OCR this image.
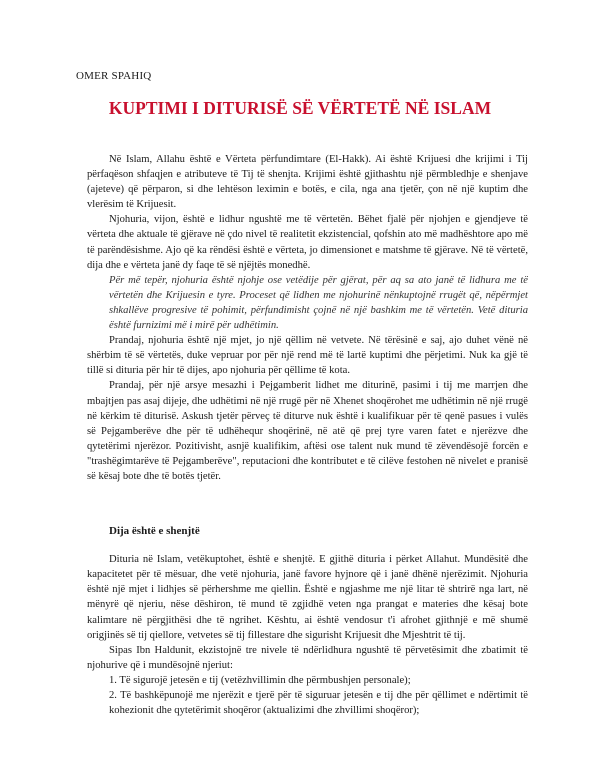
OMER SPAHIQ
KUPTIMI I DITURISË SË VËRTETË NË ISLAM

Në Islam, Allahu është e Vërteta përfundimtare (El-Hakk). Ai është Krijuesi dhe krijimi i Tij përfaqëson shfaqjen e atributeve të Tij të shenjta. Krijimi është gjithashtu një përmbledhje e shenjave (ajeteve) që përparon, si dhe lehtëson leximin e botës, e cila, nga ana tjetër, çon në një kuptim dhe vlerësim të Krijuesit.

Njohuria, vijon, është e lidhur ngushtë me të vërtetën. Bëhet fjalë për njohjen e gjendjeve të vërteta dhe aktuale të gjërave në çdo nivel të realitetit ekzistencial, qofshin ato më madhështore apo më të parëndësishme. Ajo që ka rëndësi është e vërteta, jo dimensionet e matshme të gjërave. Në të vërtetë, dija dhe e vërteta janë dy faqe të së njëjtës monedhë.

Për më tepër, njohuria është njohje ose vetëdije për gjërat, për aq sa ato janë të lidhura me të vërtetën dhe Krijuesin e tyre. Proceset që lidhen me njohurinë nënkuptojnë rrugët që, nëpërmjet shkallëve progresive të pohimit, përfundimisht çojnë në një bashkim me të vërtetën. Vetë dituria është furnizimi më i mirë për udhëtimin.

Prandaj, njohuria është një mjet, jo një qëllim në vetvete. Në tërësinë e saj, ajo duhet vënë në shërbim të së vërtetës, duke vepruar por për një rend më të lartë kuptimi dhe përjetimi. Nuk ka gjë të tillë si dituria për hir të dijes, apo njohuria për qëllime të kota.

Prandaj, për një arsye mesazhi i Pejgamberit lidhet me diturinë, pasimi i tij me marrjen dhe mbajtjen pas asaj dijeje, dhe udhëtimi në një rrugë për në Xhenet shoqërohet me udhëtimin në një rrugë në kërkim të diturisë. Askush tjetër përveç të diturve nuk është i kualifikuar për të qenë pasues i vulës së Pejgamberëve dhe për të udhëhequr shoqërinë, në atë që prej tyre varen fatet e njerëzve dhe qytetërimi njerëzor. Pozitivisht, asnjë kualifikim, aftësi ose talent nuk mund të zëvendësojë forcën e "trashëgimtarëve të Pejgamberëve", reputacioni dhe kontributet e të cilëve festohen në nivelet e pranisë së kësaj bote dhe të botës tjetër.

Dija është e shenjtë

Dituria në Islam, vetëkuptohet, është e shenjtë. E gjithë dituria i përket Allahut. Mundësitë dhe kapacitetet për të mësuar, dhe vetë njohuria, janë favore hyjnore që i janë dhënë njerëzimit. Njohuria është një mjet i lidhjes së përhershme me qiellin. Është e ngjashme me një litar të shtrirë nga lart, në mënyrë që njeriu, nëse dëshiron, të mund të zgjidhë veten nga prangat e materies dhe kësaj bote kalimtare në përgjithësi dhe të ngrihet. Kështu, ai është vendosur t'i afrohet gjithnjë e më shumë origjinës së tij qiellore, vetvetes së tij fillestare dhe sigurisht Krijuesit dhe Mjeshtrit të tij.

Sipas Ibn Haldunit, ekzistojnë tre nivele të ndërlidhura ngushtë të përvetësimit dhe zbatimit të njohurive që i mundësojnë njeriut:

1. Të sigurojë jetesën e tij (vetëzhvillimin dhe përmbushjen personale);

2. Të bashkëpunojë me njerëzit e tjerë për të siguruar jetesën e tij dhe për qëllimet e ndërtimit të kohezionit dhe qytetërimit shoqëror (aktualizimi dhe zhvillimi shoqëror);
